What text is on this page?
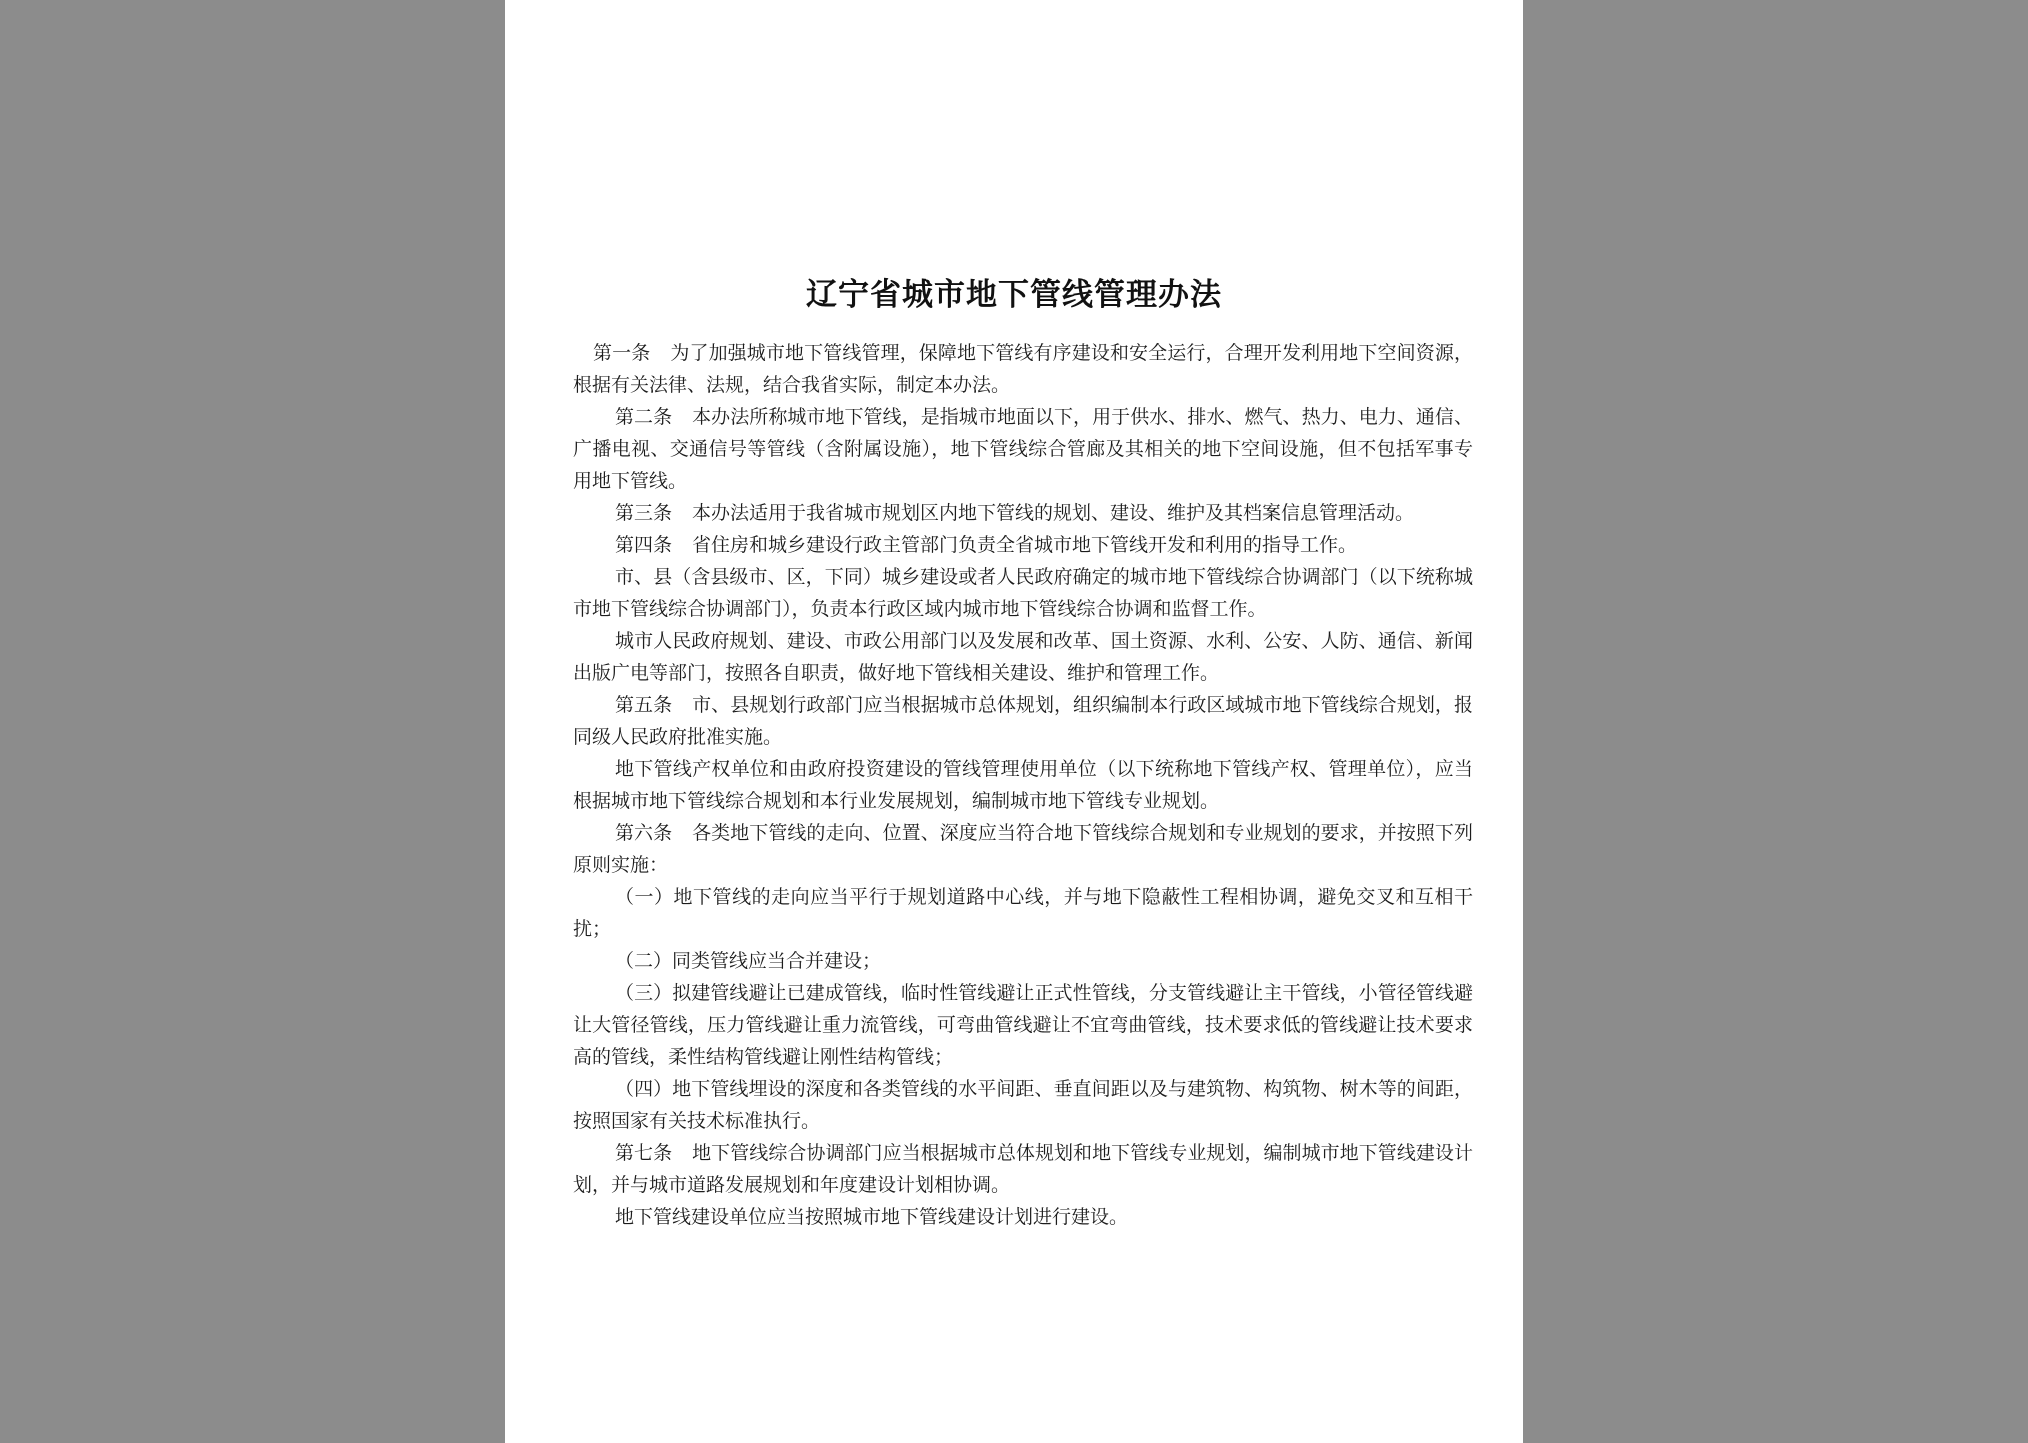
辽宁省城市地下管线管理办法

第一条 为了加强城市地下管线管理，保障地下管线有序建设和安全运行，合理开发利用地下空间资源，根据有关法律、法规，结合我省实际，制定本办法。

第二条 本办法所称城市地下管线，是指城市地面以下，用于供水、排水、燃气、热力、电力、通信、广播电视、交通信号等管线（含附属设施），地下管线综合管廊及其相关的地下空间设施，但不包括军事专用地下管线。

第三条 本办法适用于我省城市规划区内地下管线的规划、建设、维护及其档案信息管理活动。

第四条 省住房和城乡建设行政主管部门负责全省城市地下管线开发和利用的指导工作。

市、县（含县级市、区，下同）城乡建设或者人民政府确定的城市地下管线综合协调部门（以下统称城市地下管线综合协调部门），负责本行政区域内城市地下管线综合协调和监督工作。

城市人民政府规划、建设、市政公用部门以及发展和改革、国土资源、水利、公安、人防、通信、新闻出版广电等部门，按照各自职责，做好地下管线相关建设、维护和管理工作。

第五条 市、县规划行政部门应当根据城市总体规划，组织编制本行政区域城市地下管线综合规划，报同级人民政府批准实施。

地下管线产权单位和由政府投资建设的管线管理使用单位（以下统称地下管线产权、管理单位），应当根据城市地下管线综合规划和本行业发展规划，编制城市地下管线专业规划。

第六条 各类地下管线的走向、位置、深度应当符合地下管线综合规划和专业规划的要求，并按照下列原则实施：

（一）地下管线的走向应当平行于规划道路中心线，并与地下隐蔽性工程相协调，避免交叉和互相干扰；

（二）同类管线应当合并建设；

（三）拟建管线避让已建成管线，临时性管线避让正式性管线，分支管线避让主干管线，小管径管线避让大管径管线，压力管线避让重力流管线，可弯曲管线避让不宜弯曲管线，技术要求低的管线避让技术要求高的管线，柔性结构管线避让刚性结构管线；

（四）地下管线埋设的深度和各类管线的水平间距、垂直间距以及与建筑物、构筑物、树木等的间距，按照国家有关技术标准执行。

第七条 地下管线综合协调部门应当根据城市总体规划和地下管线专业规划，编制城市地下管线建设计划，并与城市道路发展规划和年度建设计划相协调。

地下管线建设单位应当按照城市地下管线建设计划进行建设。
